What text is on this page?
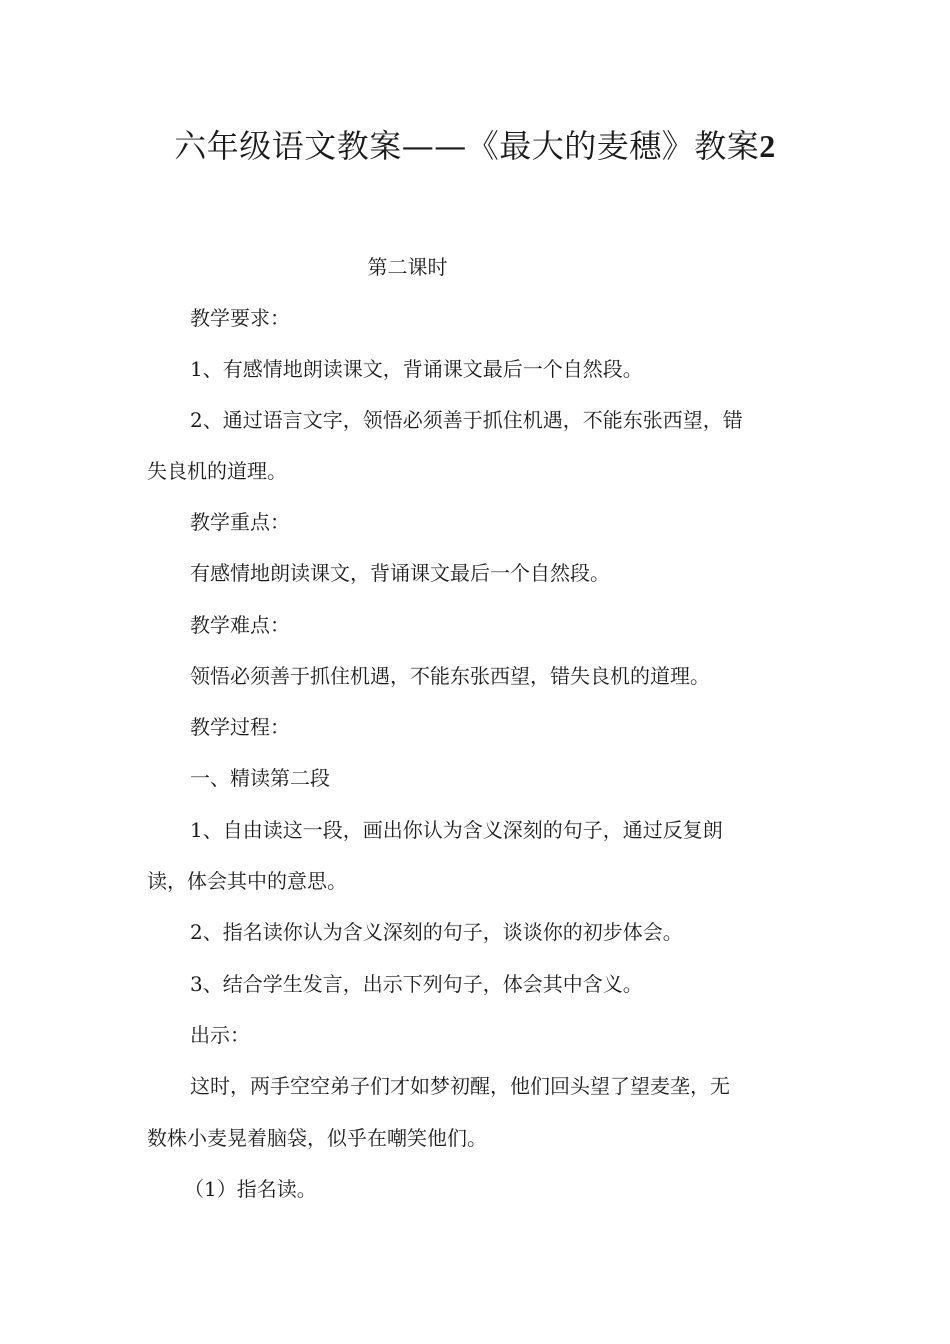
六年级语文教案——《最大的麦穗》教案2
第二课时
教学要求：
1、有感情地朗读课文，背诵课文最后一个自然段。
2、通过语言文字，领悟必须善于抓住机遇，不能东张西望，错
失良机的道理。
教学重点：
有感情地朗读课文，背诵课文最后一个自然段。
教学难点：
领悟必须善于抓住机遇，不能东张西望，错失良机的道理。
教学过程：
一、精读第二段
1、自由读这一段，画出你认为含义深刻的句子，通过反复朗
读，体会其中的意思。
2、指名读你认为含义深刻的句子，谈谈你的初步体会。
3、结合学生发言，出示下列句子，体会其中含义。
出示：
这时，两手空空弟子们才如梦初醒，他们回头望了望麦垄，无
数株小麦晃着脑袋，似乎在嘲笑他们。
（1）指名读。
